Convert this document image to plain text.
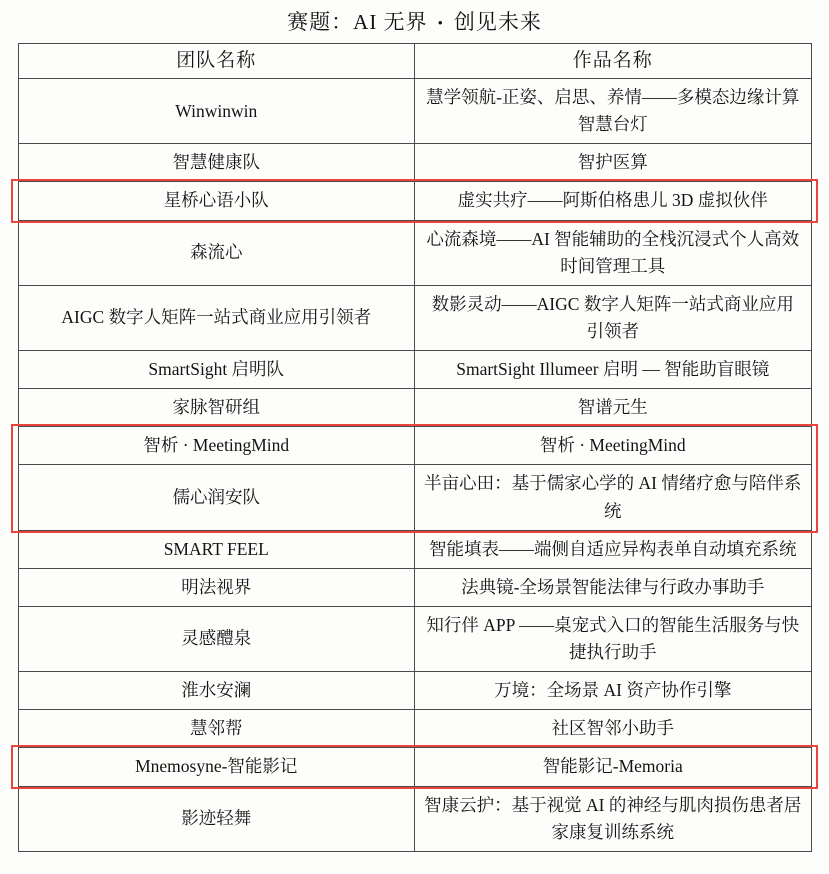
赛题：AI 无界 • 创见未来
团队名称	作品名称

Winwinwin	慧学领航-正姿、启思、养情——多模态边缘计算智慧台灯

智慧健康队	智护医算

星桥心语小队	虚实共疗——阿斯伯格患儿 3D 虚拟伙伴

森流心	心流森境——AI 智能辅助的全栈沉浸式个人高效时间管理工具

AIGC 数字人矩阵一站式商业应用引领者	数影灵动——AIGC 数字人矩阵一站式商业应用引领者

SmartSight 启明队	SmartSight Illumeer 启明 — 智能助盲眼镜

家脉智研组	智谱元生

智析 · MeetingMind	智析 · MeetingMind

儒心润安队	半亩心田：基于儒家心学的 AI 情绪疗愈与陪伴系统

SMART FEEL	智能填表——端侧自适应异构表单自动填充系统

明法视界	法典镜-全场景智能法律与行政办事助手

灵感醴泉	知行伴 APP ——桌宠式入口的智能生活服务与快捷执行助手

淮水安澜	万境：全场景 AI 资产协作引擎

慧邻帮	社区智邻小助手

Mnemosyne-智能影记	智能影记-Memoria

影迹轻舞	智康云护：基于视觉 AI 的神经与肌肉损伤患者居家康复训练系统
